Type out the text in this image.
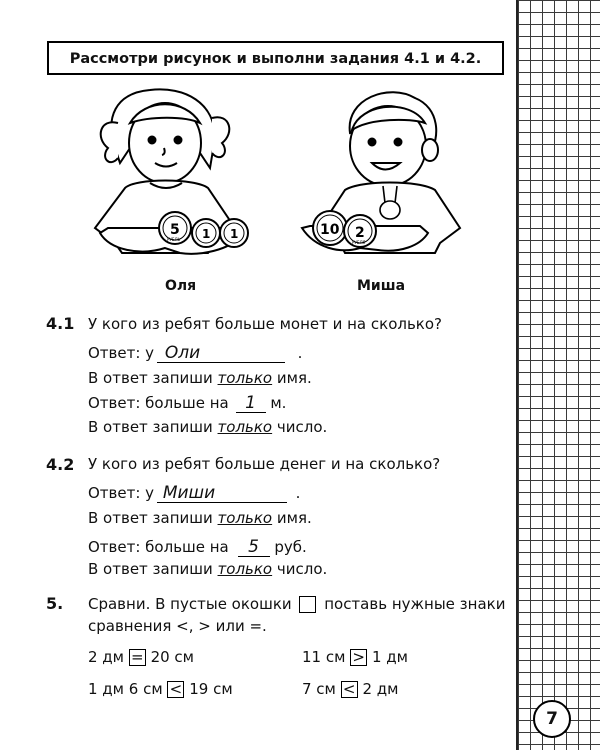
Рассмотри рисунок и выполни задания 4.1 и 4.2.
5 1 1
РУБЛЬ
10 2
РУБЛЯ
Оля	Миша
4.1 У кого из ребят больше монет и на сколько?
Ответ: у Оли	.
В ответ запиши только имя.
Ответ: больше на 1 м.
В ответ запиши только число.
4.2 У кого из ребят больше денег и на сколько?
Ответ: у Миши	.
В ответ запиши только имя.
Ответ: больше на 5 руб.
В ответ запиши только число.
5. Сравни. В пустые окошки поставь нужные знаки
сравнения <, > или =.
2 дм = 20 см	11 см > 1 дм
1 дм 6 см < 19 см	7 см < 2 дм
7
